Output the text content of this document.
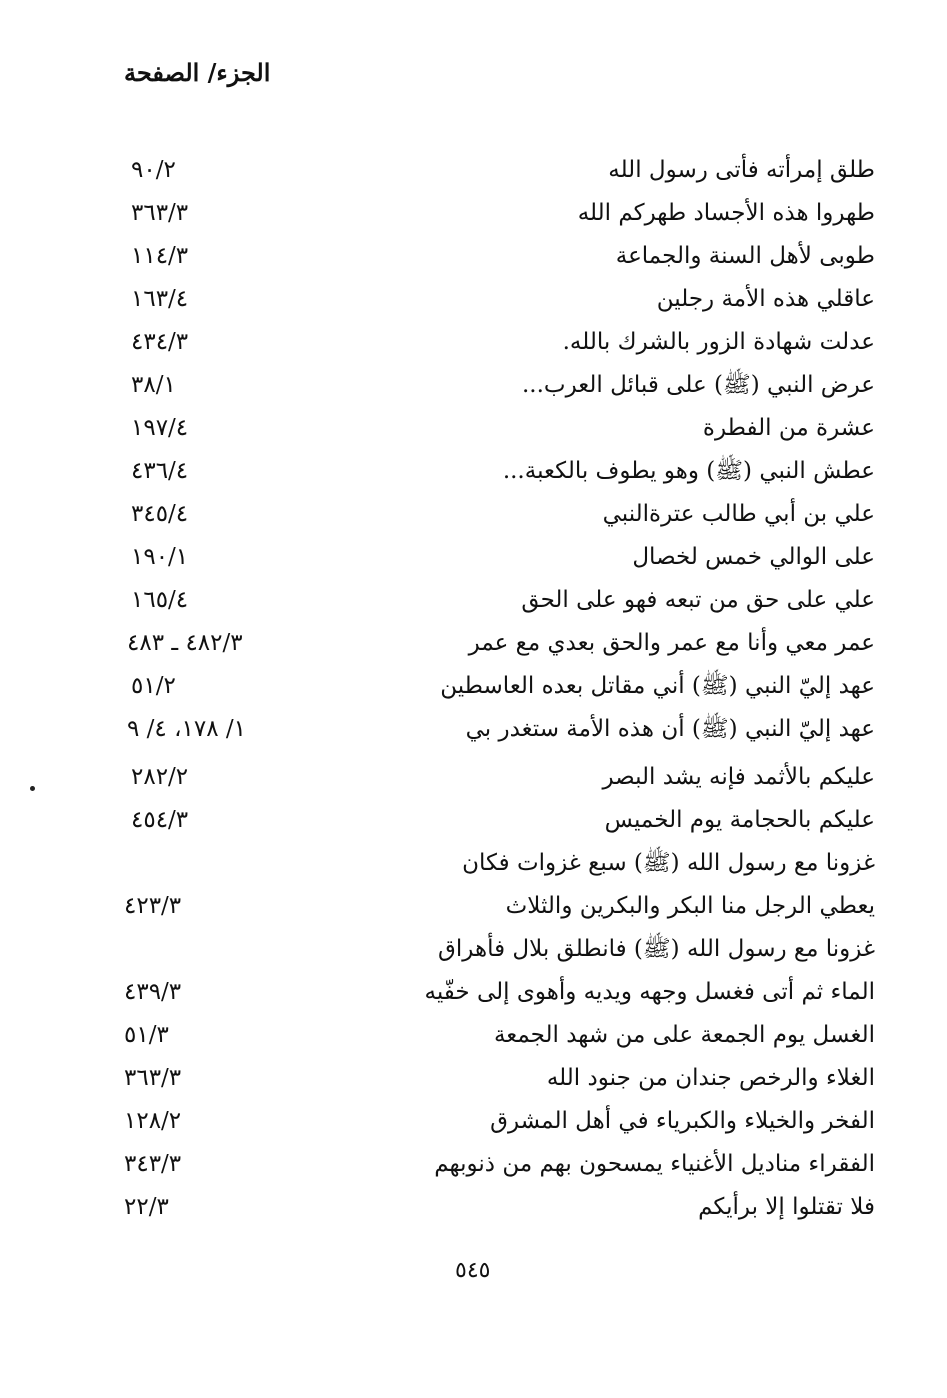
الجزء/ الصفحة
طلق إمرأته فأتى رسول الله
٩٠/٢
طهروا هذه الأجساد طهركم الله
٣٦٣/٣
طوبى لأهل السنة والجماعة
١١٤/٣
عاقلي هذه الأمة رجلين
١٦٣/٤
عدلت شهادة الزور بالشرك بالله.
٤٣٤/٣
عرض النبي (ﷺ) على قبائل العرب...
٣٨/١
عشرة من الفطرة
١٩٧/٤
عطش النبي (ﷺ) وهو يطوف بالكعبة...
٤٣٦/٤
علي بن أبي طالب عترةالنبي
٣٤٥/٤
على الوالي خمس لخصال
١٩٠/١
علي على حق من تبعه فهو على الحق
١٦٥/٤
عمر معي وأنا مع عمر والحق بعدي مع عمر
٤٨٢/٣ ـ ٤٨٣
عهد إليّ النبي (ﷺ) أني مقاتل بعده العاسطين
٥١/٢
عهد إليّ النبي (ﷺ) أن هذه الأمة ستغدر بي
١/ ١٧٨، ٤/ ٩
عليكم بالأثمد فإنه يشد البصر
٢٨٢/٢
عليكم بالحجامة يوم الخميس
٤٥٤/٣
غزونا مع رسول الله (ﷺ) سبع غزوات فكان
يعطي الرجل منا البكر والبكرين والثلاث
٤٢٣/٣
غزونا مع رسول الله (ﷺ) فانطلق بلال فأهراق
الماء ثم أتى فغسل وجهه ويديه وأهوى إلى خفّيه
٤٣٩/٣
الغسل يوم الجمعة على من شهد الجمعة
٥١/٣
الغلاء والرخص جندان من جنود الله
٣٦٣/٣
الفخر والخيلاء والكبرياء في أهل المشرق
١٢٨/٢
الفقراء مناديل الأغنياء يمسحون بهم من ذنوبهم
٣٤٣/٣
فلا تقتلوا إلا برأيكم
٢٢/٣
٥٤٥
